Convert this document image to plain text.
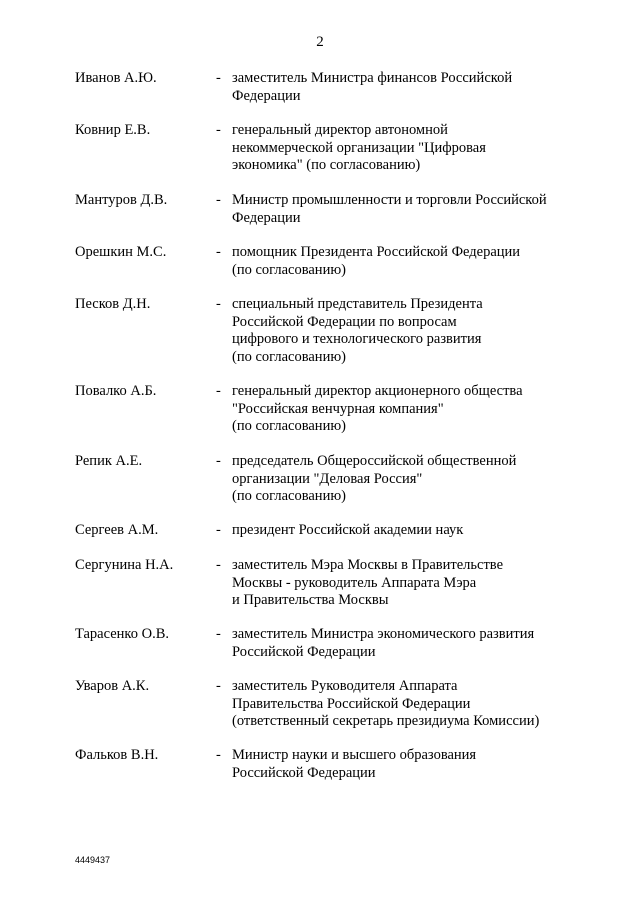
2
Иванов А.Ю.	- заместитель Министра финансов Российской
Федерации
Ковнир Е.В.	- генеральный директор автономной
некоммерческой организации "Цифровая
экономика" (по согласованию)
Мантуров Д.В.	- Министр промышленности и торговли Российской
Федерации
Орешкин М.С.	- помощник Президента Российской Федерации
(по согласованию)
Песков Д.Н.	- специальный представитель Президента
Российской Федерации по вопросам
цифрового и технологического развития
(по согласованию)
Повалко А.Б.	- генеральный директор акционерного общества
"Российская венчурная компания"
(по согласованию)
Репик А.Е.	- председатель Общероссийской общественной
организации "Деловая Россия"
(по согласованию)
Сергеев А.М.	- президент Российской академии наук
Сергунина Н.А.	- заместитель Мэра Москвы в Правительстве
Москвы - руководитель Аппарата Мэра
и Правительства Москвы
Тарасенко О.В.	- заместитель Министра экономического развития
Российской Федерации
Уваров А.К.	- заместитель Руководителя Аппарата
Правительства Российской Федерации
(ответственный секретарь президиума Комиссии)
Фальков В.Н.	- Министр науки и высшего образования
Российской Федерации
4449437
